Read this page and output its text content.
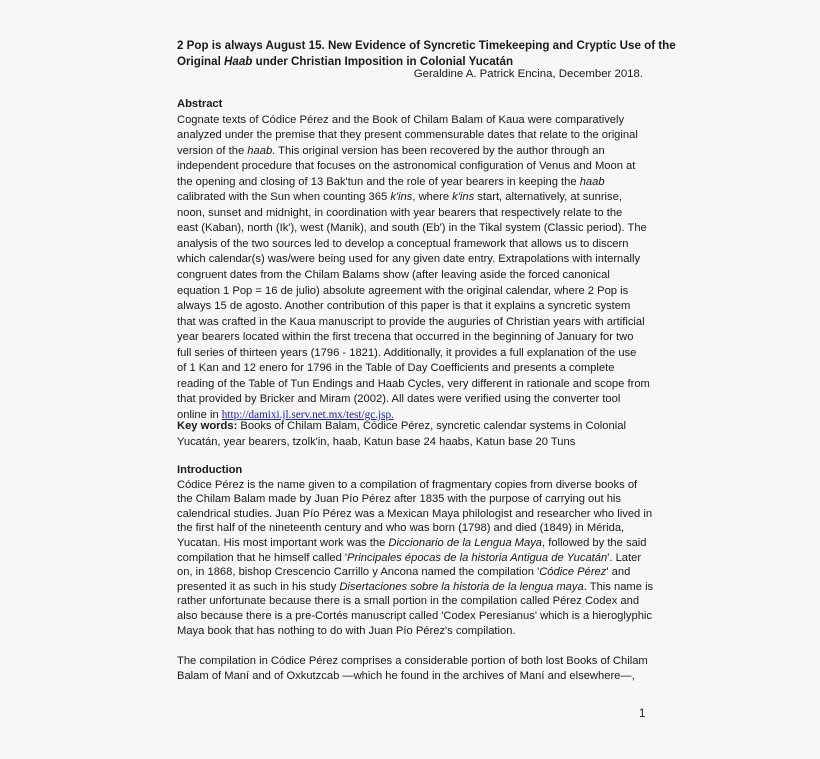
2 Pop is always August 15. New Evidence of Syncretic Timekeeping and Cryptic Use of the
Original Haab under Christian Imposition in Colonial Yucatán
Geraldine A. Patrick Encina, December 2018.
Abstract
Cognate texts of Códice Pérez and the Book of Chilam Balam of Kaua were comparatively
analyzed under the premise that they present commensurable dates that relate to the original
version of the haab. This original version has been recovered by the author through an
independent procedure that focuses on the astronomical configuration of Venus and Moon at
the opening and closing of 13 Bak'tun and the role of year bearers in keeping the haab
calibrated with the Sun when counting 365 k'ins, where k'ins start, alternatively, at sunrise,
noon, sunset and midnight, in coordination with year bearers that respectively relate to the
east (Kaban), north (Ik'), west (Manik), and south (Eb') in the Tikal system (Classic period). The
analysis of the two sources led to develop a conceptual framework that allows us to discern
which calendar(s) was/were being used for any given date entry. Extrapolations with internally
congruent dates from the Chilam Balams show (after leaving aside the forced canonical
equation 1 Pop = 16 de julio) absolute agreement with the original calendar, where 2 Pop is
always 15 de agosto. Another contribution of this paper is that it explains a syncretic system
that was crafted in the Kaua manuscript to provide the auguries of Christian years with artificial
year bearers located within the first trecena that occurred in the beginning of January for two
full series of thirteen years (1796 - 1821). Additionally, it provides a full explanation of the use
of 1 Kan and 12 enero for 1796 in the Table of Day Coefficients and presents a complete
reading of the Table of Tun Endings and Haab Cycles, very different in rationale and scope from
that provided by Bricker and Miram (2002). All dates were verified using the converter tool
online in http://damixi.jl.serv.net.mx/test/gc.jsp.
Key words: Books of Chilam Balam, Códice Pérez, syncretic calendar systems in Colonial
Yucatán, year bearers, tzolk'in, haab, Katun base 24 haabs, Katun base 20 Tuns
Introduction
Códice Pérez is the name given to a compilation of fragmentary copies from diverse books of
the Chilam Balam made by Juan Pío Pérez after 1835 with the purpose of carrying out his
calendrical studies. Juan Pío Pérez was a Mexican Maya philologist and researcher who lived in
the first half of the nineteenth century and who was born (1798) and died (1849) in Mérida,
Yucatan. His most important work was the Diccionario de la Lengua Maya, followed by the said
compilation that he himself called 'Principales épocas de la historia Antigua de Yucatán'. Later
on, in 1868, bishop Crescencio Carrillo y Ancona named the compilation 'Códice Pérez' and
presented it as such in his study Disertaciones sobre la historia de la lengua maya. This name is
rather unfortunate because there is a small portion in the compilation called Pérez Codex and
also because there is a pre-Cortés manuscript called 'Codex Peresianus' which is a hieroglyphic
Maya book that has nothing to do with Juan Pío Pérez's compilation.
The compilation in Códice Pérez comprises a considerable portion of both lost Books of Chilam
Balam of Maní and of Oxkutzcab —which he found in the archives of Maní and elsewhere—,
1
